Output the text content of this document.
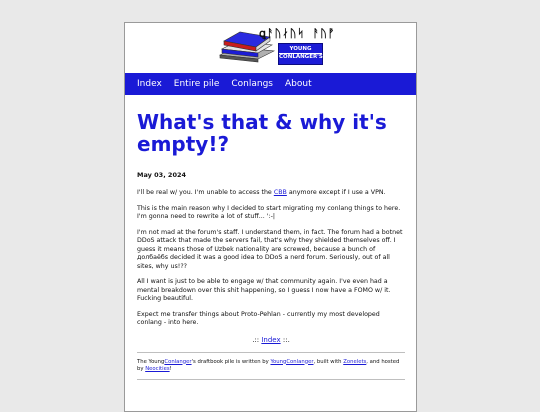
ꝗᚨᚢᛅᚢᛋ ᚨᚢᚡ
YOUNG
CONLANGER'S
Index	Entire pile	Conlangs	About
What's that & why it's empty!?

May 03, 2024

I'll be real w/ you. I'm unable to access the CBB anymore except if I use a VPN.

This is the main reason why I decided to start migrating my conlang things to here. I'm gonna need to rewrite a lot of stuff... ':-|

I'm not mad at the forum's staff. I understand them, in fact. The forum had a botnet DDoS attack that made the servers fail, that's why they shielded themselves off. I guess it means those of Uzbek nationality are screwed, because a bunch of долбаёбs decided it was a good idea to DDoS a nerd forum. Seriously, out of all sites, why us!??

All I want is just to be able to engage w/ that community again. I've even had a mental breakdown over this shit happening, so I guess I now have a FOMO w/ it. Fucking beautiful.

Expect me transfer things about Proto-Pehlan - currently my most developed conlang - into here.

.:: Index ::.

The YoungConlanger's draftbook pile is written by YoungConlanger, built with Zonelets, and hosted by Neocities!
